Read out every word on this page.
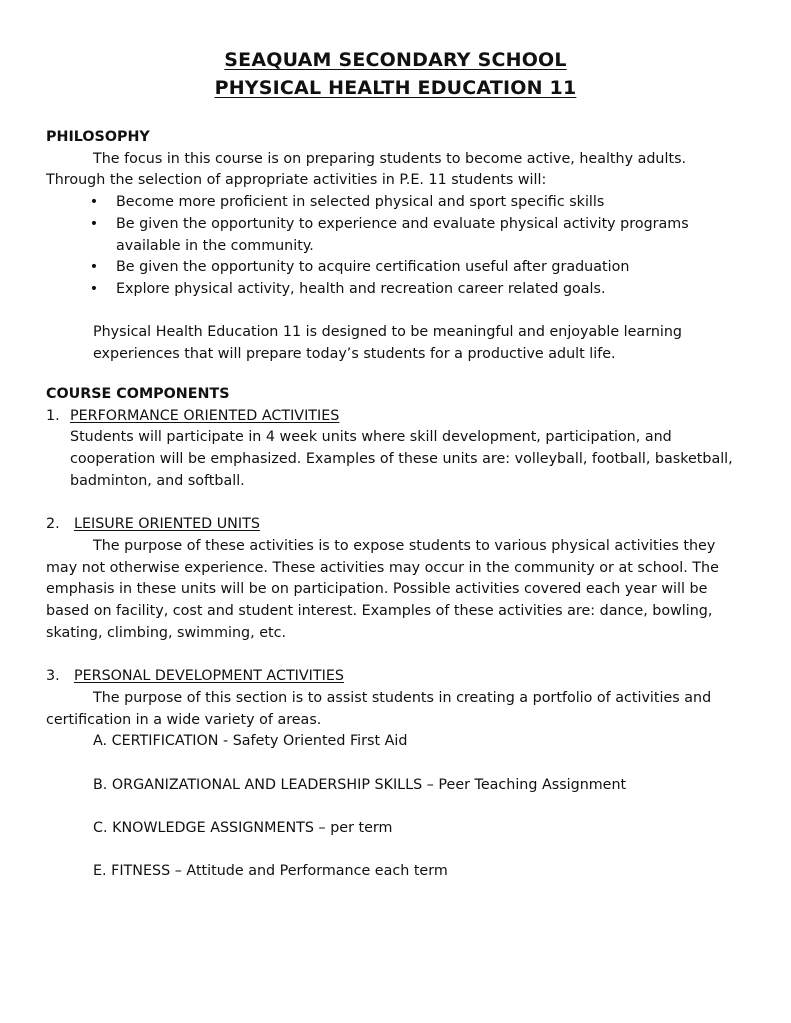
SEAQUAM SECONDARY SCHOOL
PHYSICAL HEALTH EDUCATION 11
PHILOSOPHY
The focus in this course is on preparing students to become active, healthy adults.
Through the selection of appropriate activities in P.E. 11 students will:
• Become more proficient in selected physical and sport specific skills
• Be given the opportunity to experience and evaluate physical activity programs
available in the community.
• Be given the opportunity to acquire certification useful after graduation
• Explore physical activity, health and recreation career related goals.
Physical Health Education 11 is designed to be meaningful and enjoyable learning
experiences that will prepare today’s students for a productive adult life.
COURSE COMPONENTS
1. PERFORMANCE ORIENTED ACTIVITIES
Students will participate in 4 week units where skill development, participation, and
cooperation will be emphasized. Examples of these units are: volleyball, football, basketball,
badminton, and softball.
2. LEISURE ORIENTED UNITS
The purpose of these activities is to expose students to various physical activities they
may not otherwise experience. These activities may occur in the community or at school. The
emphasis in these units will be on participation. Possible activities covered each year will be
based on facility, cost and student interest. Examples of these activities are: dance, bowling,
skating, climbing, swimming, etc.
3. PERSONAL DEVELOPMENT ACTIVITIES
The purpose of this section is to assist students in creating a portfolio of activities and
certification in a wide variety of areas.
A. CERTIFICATION - Safety Oriented First Aid
B. ORGANIZATIONAL AND LEADERSHIP SKILLS – Peer Teaching Assignment
C. KNOWLEDGE ASSIGNMENTS – per term
E. FITNESS – Attitude and Performance each term
